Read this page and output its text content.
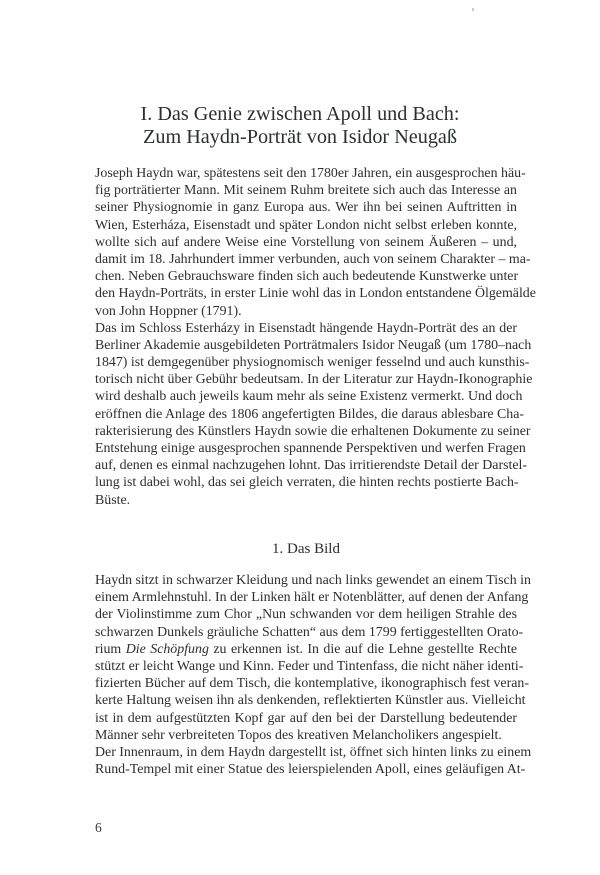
I. Das Genie zwischen Apoll und Bach:
Zum Haydn-Porträt von Isidor Neugaß
Joseph Haydn war, spätestens seit den 1780er Jahren, ein ausgesprochen häu-
fig porträtierter Mann. Mit seinem Ruhm breitete sich auch das Interesse an
seiner Physiognomie in ganz Europa aus. Wer ihn bei seinen Auftritten in
Wien, Esterháza, Eisenstadt und später London nicht selbst erleben konnte,
wollte sich auf andere Weise eine Vorstellung von seinem Äußeren – und,
damit im 18. Jahrhundert immer verbunden, auch von seinem Charakter – ma-
chen. Neben Gebrauchsware finden sich auch bedeutende Kunstwerke unter
den Haydn-Porträts, in erster Linie wohl das in London entstandene Ölgemälde
von John Hoppner (1791).
Das im Schloss Esterházy in Eisenstadt hängende Haydn-Porträt des an der
Berliner Akademie ausgebildeten Porträtmalers Isidor Neugaß (um 1780–nach
1847) ist demgegenüber physiognomisch weniger fesselnd und auch kunsthis-
torisch nicht über Gebühr bedeutsam. In der Literatur zur Haydn-Ikonographie
wird deshalb auch jeweils kaum mehr als seine Existenz vermerkt. Und doch
eröffnen die Anlage des 1806 angefertigten Bildes, die daraus ablesbare Cha-
rakterisierung des Künstlers Haydn sowie die erhaltenen Dokumente zu seiner
Entstehung einige ausgesprochen spannende Perspektiven und werfen Fragen
auf, denen es einmal nachzugehen lohnt. Das irritierendste Detail der Darstel-
lung ist dabei wohl, das sei gleich verraten, die hinten rechts postierte Bach-
Büste.
1. Das Bild
Haydn sitzt in schwarzer Kleidung und nach links gewendet an einem Tisch in
einem Armlehnstuhl. In der Linken hält er Notenblätter, auf denen der Anfang
der Violinstimme zum Chor „Nun schwanden vor dem heiligen Strahle des
schwarzen Dunkels gräuliche Schatten“ aus dem 1799 fertiggestellten Orato-
rium Die Schöpfung zu erkennen ist. In die auf die Lehne gestellte Rechte
stützt er leicht Wange und Kinn. Feder und Tintenfass, die nicht näher identi-
fizierten Bücher auf dem Tisch, die kontemplative, ikonographisch fest veran-
kerte Haltung weisen ihn als denkenden, reflektierten Künstler aus. Vielleicht
ist in dem aufgestützten Kopf gar auf den bei der Darstellung bedeutender
Männer sehr verbreiteten Topos des kreativen Melancholikers angespielt.
Der Innenraum, in dem Haydn dargestellt ist, öffnet sich hinten links zu einem
Rund-Tempel mit einer Statue des leierspielenden Apoll, eines geläufigen At-
6
